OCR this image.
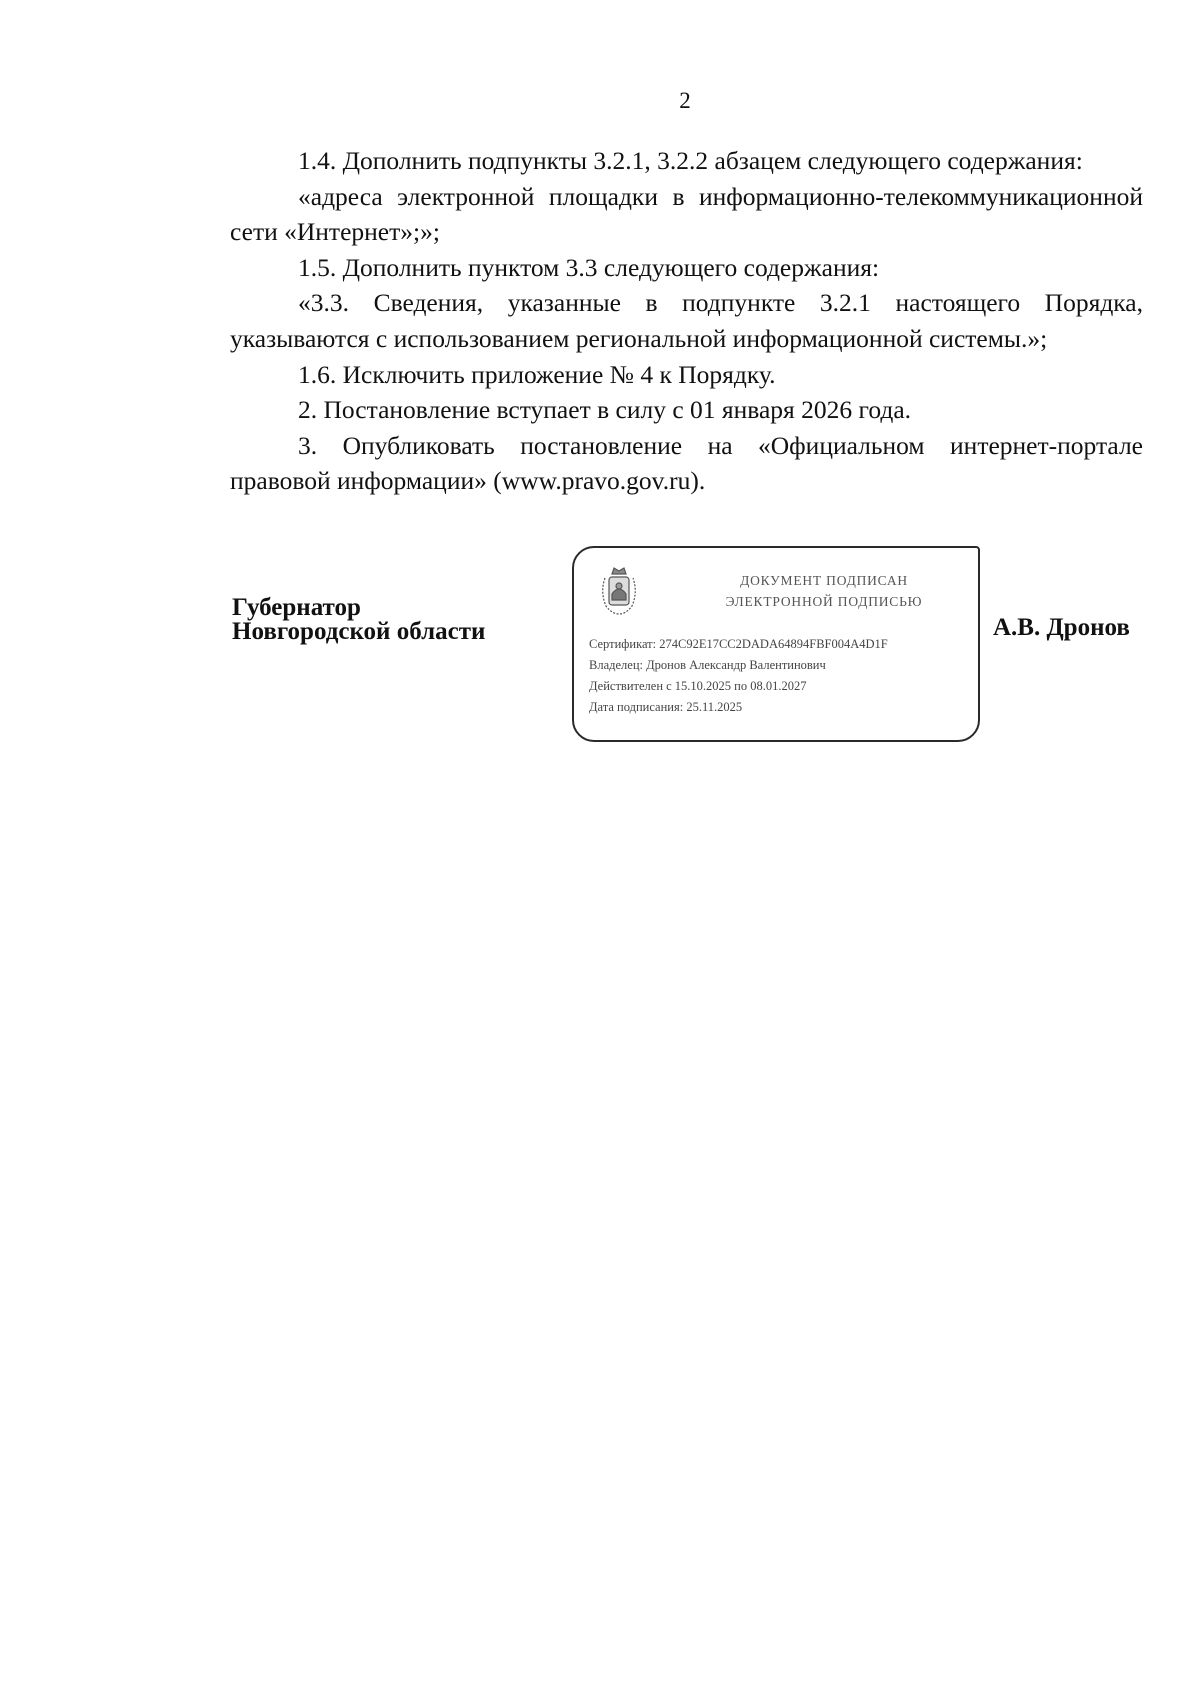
2

1.4. Дополнить подпункты 3.2.1, 3.2.2 абзацем следующего содержания:

«адреса электронной площадки в информационно-телекоммуникационной сети «Интернет»;»;

1.5. Дополнить пунктом 3.3 следующего содержания:

«3.3. Сведения, указанные в подпункте 3.2.1 настоящего Порядка, указываются с использованием региональной информационной системы.»;

1.6. Исключить приложение № 4 к Порядку.

2. Постановление вступает в силу с 01 января 2026 года.

3. Опубликовать постановление на «Официальном интернет-портале правовой информации» (www.pravo.gov.ru).

Губернатор
Новгородской области
ДОКУМЕНТ ПОДПИСАН
ЭЛЕКТРОННОЙ ПОДПИСЬЮ
Сертификат: 274C92E17CC2DADA64894FBF004A4D1F
Владелец: Дронов Александр Валентинович
Действителен с 15.10.2025 по 08.01.2027
Дата подписания: 25.11.2025
А.В. Дронов
